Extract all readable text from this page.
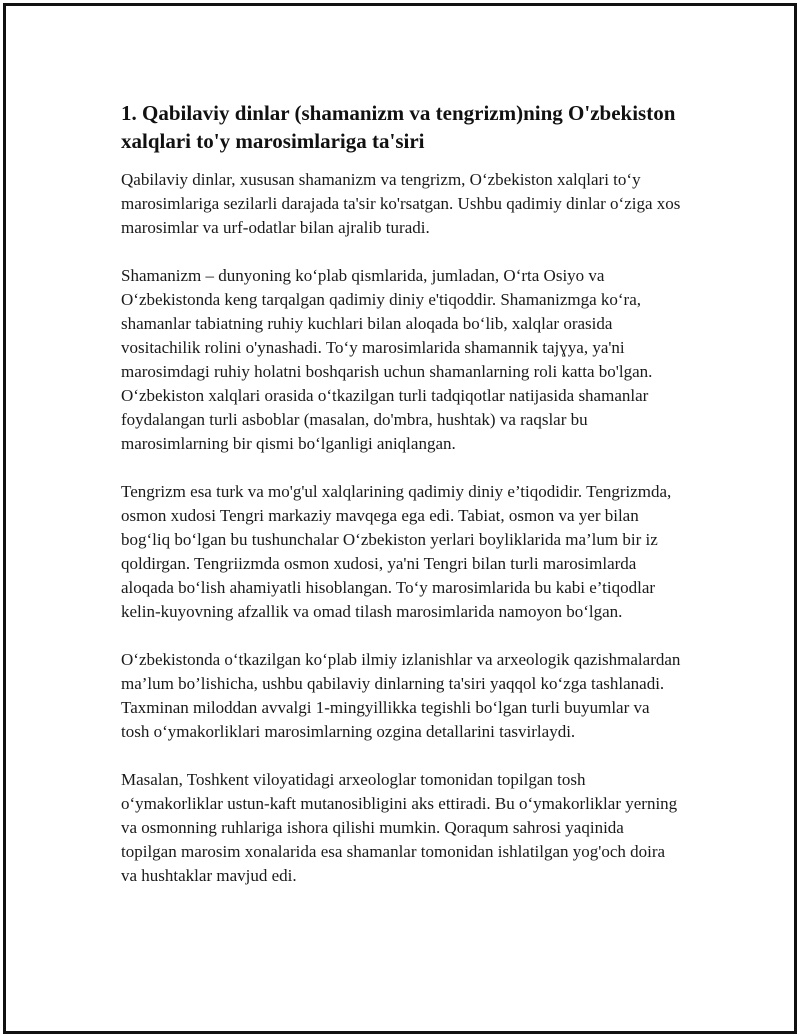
1. Qabilaviy dinlar (shamanizm va tengrizm)ning O'zbekiston xalqlari to'y marosimlariga ta'siri

Qabilaviy dinlar, xususan shamanizm va tengrizm, O‘zbekiston xalqlari to‘y marosimlariga sezilarli darajada ta'sir ko'rsatgan. Ushbu qadimiy dinlar o‘ziga xos marosimlar va urf-odatlar bilan ajralib turadi.

Shamanizm – dunyoning ko‘plab qismlarida, jumladan, O‘rta Osiyo va O‘zbekistonda keng tarqalgan qadimiy diniy e'tiqoddir. Shamanizmga ko‘ra, shamanlar tabiatning ruhiy kuchlari bilan aloqada bo‘lib, xalqlar orasida vositachilik rolini o'ynashadi. To‘y marosimlarida shamannik tajɣya, ya'ni marosimdagi ruhiy holatni boshqarish uchun shamanlarning roli katta bo'lgan. O‘zbekiston xalqlari orasida o‘tkazilgan turli tadqiqotlar natijasida shamanlar foydalangan turli asboblar (masalan, do'mbra, hushtak) va raqslar bu marosimlarning bir qismi bo‘lganligi aniqlangan.

Tengrizm esa turk va mo'g'ul xalqlarining qadimiy diniy e’tiqodidir. Tengrizmda, osmon xudosi Tengri markaziy mavqega ega edi. Tabiat, osmon va yer bilan bog‘liq bo‘lgan bu tushunchalar O‘zbekiston yerlari boyliklarida ma’lum bir iz qoldirgan. Tengriizmda osmon xudosi, ya'ni Tengri bilan turli marosimlarda aloqada bo‘lish ahamiyatli hisoblangan. To‘y marosimlarida bu kabi e’tiqodlar kelin-kuyovning afzallik va omad tilash marosimlarida namoyon bo‘lgan.

O‘zbekistonda o‘tkazilgan ko‘plab ilmiy izlanishlar va arxeologik qazishmalardan ma’lum bo’lishicha, ushbu qabilaviy dinlarning ta'siri yaqqol ko‘zga tashlanadi. Taxminan miloddan avvalgi 1-mingyillikka tegishli bo‘lgan turli buyumlar va tosh o‘ymakorliklari marosimlarning ozgina detallarini tasvirlaydi.

Masalan, Toshkent viloyatidagi arxeologlar tomonidan topilgan tosh o‘ymakorliklar ustun-kaft mutanosibligini aks ettiradi. Bu o‘ymakorliklar yerning va osmonning ruhlariga ishora qilishi mumkin. Qoraqum sahrosi yaqinida topilgan marosim xonalarida esa shamanlar tomonidan ishlatilgan yog'och doira va hushtaklar mavjud edi.
